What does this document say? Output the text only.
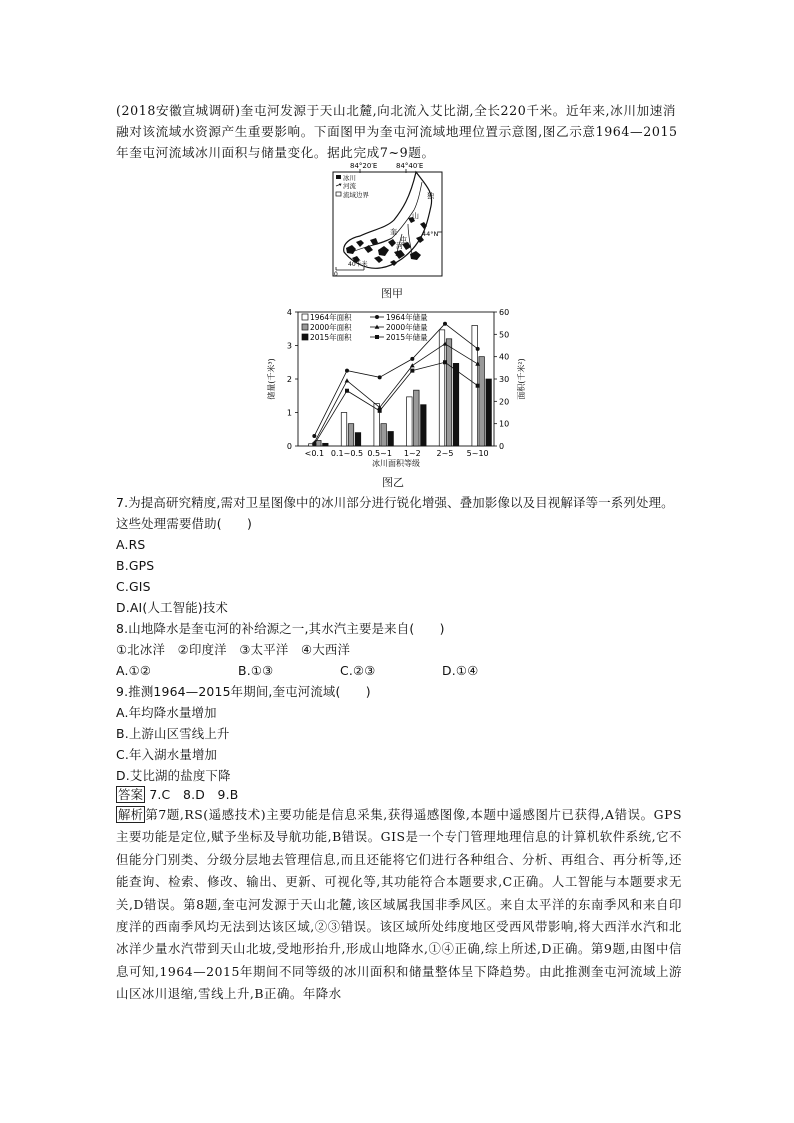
(2018安徽宣城调研)奎屯河发源于天山北麓,向北流入艾比湖,全长220千米。近年来,冰川加速消融对该流域水资源产生重要影响。下面图甲为奎屯河流域地理位置示意图,图乙示意1964—2015年奎屯河流域冰川面积与储量变化。据此完成7~9题。
84°20′E	84°40′E
山
奎
屯
河
独
冰川
河流
流域边界
44°N
0
40千米
图甲
0
1
2
3
4
0
10
20
30
40
50
60
储量(千米³)	面积(千米²)
<0.1 0.1~0.5 0.5~1 1~2 2~5 5~10
冰川面积等级
1964年面积
2000年面积
2015年面积
1964年储量
2000年储量
2015年储量
图乙
7.为提高研究精度,需对卫星图像中的冰川部分进行锐化增强、叠加影像以及目视解译等一系列处理。这些处理需要借助(　　)
A.RS
B.GPS
C.GIS
D.AI(人工智能)技术
8.山地降水是奎屯河的补给源之一,其水汽主要是来自(　　)
①北冰洋　②印度洋　③太平洋　④大西洋
A.①②	B.①③	C.②③	D.①④
9.推测1964—2015年期间,奎屯河流域(　　)
A.年均降水量增加
B.上游山区雪线上升
C.年入湖水量增加
D.艾比湖的盐度下降
答案 7.C　8.D　9.B
解析 第7题,RS(遥感技术)主要功能是信息采集,获得遥感图像,本题中遥感图片已获得,A错误。GPS主要功能是定位,赋予坐标及导航功能,B错误。GIS是一个专门管理地理信息的计算机软件系统,它不但能分门别类、分级分层地去管理信息,而且还能将它们进行各种组合、分析、再组合、再分析等,还能查询、检索、修改、输出、更新、可视化等,其功能符合本题要求,C正确。人工智能与本题要求无关,D错误。第8题,奎屯河发源于天山北麓,该区域属我国非季风区。来自太平洋的东南季风和来自印度洋的西南季风均无法到达该区域,②③错误。该区域所处纬度地区受西风带影响,将大西洋水汽和北冰洋少量水汽带到天山北坡,受地形抬升,形成山地降水,①④正确,综上所述,D正确。第9题,由图中信息可知,1964—2015年期间不同等级的冰川面积和储量整体呈下降趋势。由此推测奎屯河流域上游山区冰川退缩,雪线上升,B正确。年降水
